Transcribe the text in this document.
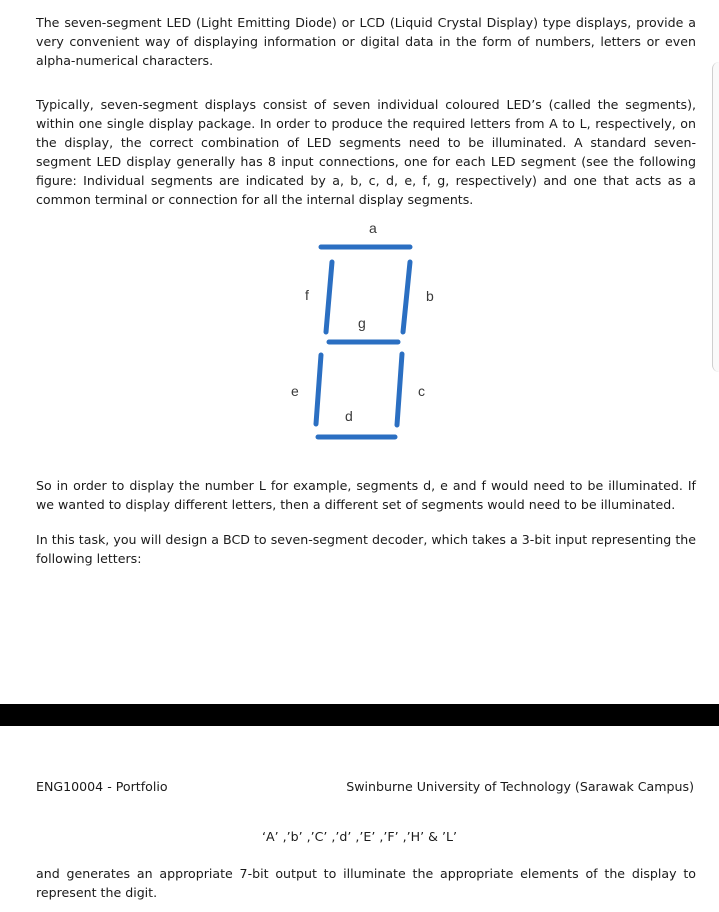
The seven-segment LED (Light Emitting Diode) or LCD (Liquid Crystal Display) type displays, provide a very convenient way of displaying information or digital data in the form of numbers, letters or even alpha-numerical characters.

Typically, seven-segment displays consist of seven individual coloured LED’s (called the segments), within one single display package. In order to produce the required letters from A to L, respectively, on the display, the correct combination of LED segments need to be illuminated. A standard seven-segment LED display generally has 8 input connections, one for each LED segment (see the following figure: Individual segments are indicated by a, b, c, d, e, f, g, respectively) and one that acts as a common terminal or connection for all the internal display segments.

a
b
c
d
e
f
g

So in order to display the number L for example, segments d, e and f would need to be illuminated. If we wanted to display different letters, then a different set of segments would need to be illuminated.

In this task, you will design a BCD to seven-segment decoder, which takes a 3-bit input representing the following letters:

ENG10004 - Portfolio	Swinburne University of Technology (Sarawak Campus)
‘A’ ,’b’ ,’C’ ,’d’ ,’E’ ,’F’ ,’H’ & ’L’

and generates an appropriate 7-bit output to illuminate the appropriate elements of the display to represent the digit.
